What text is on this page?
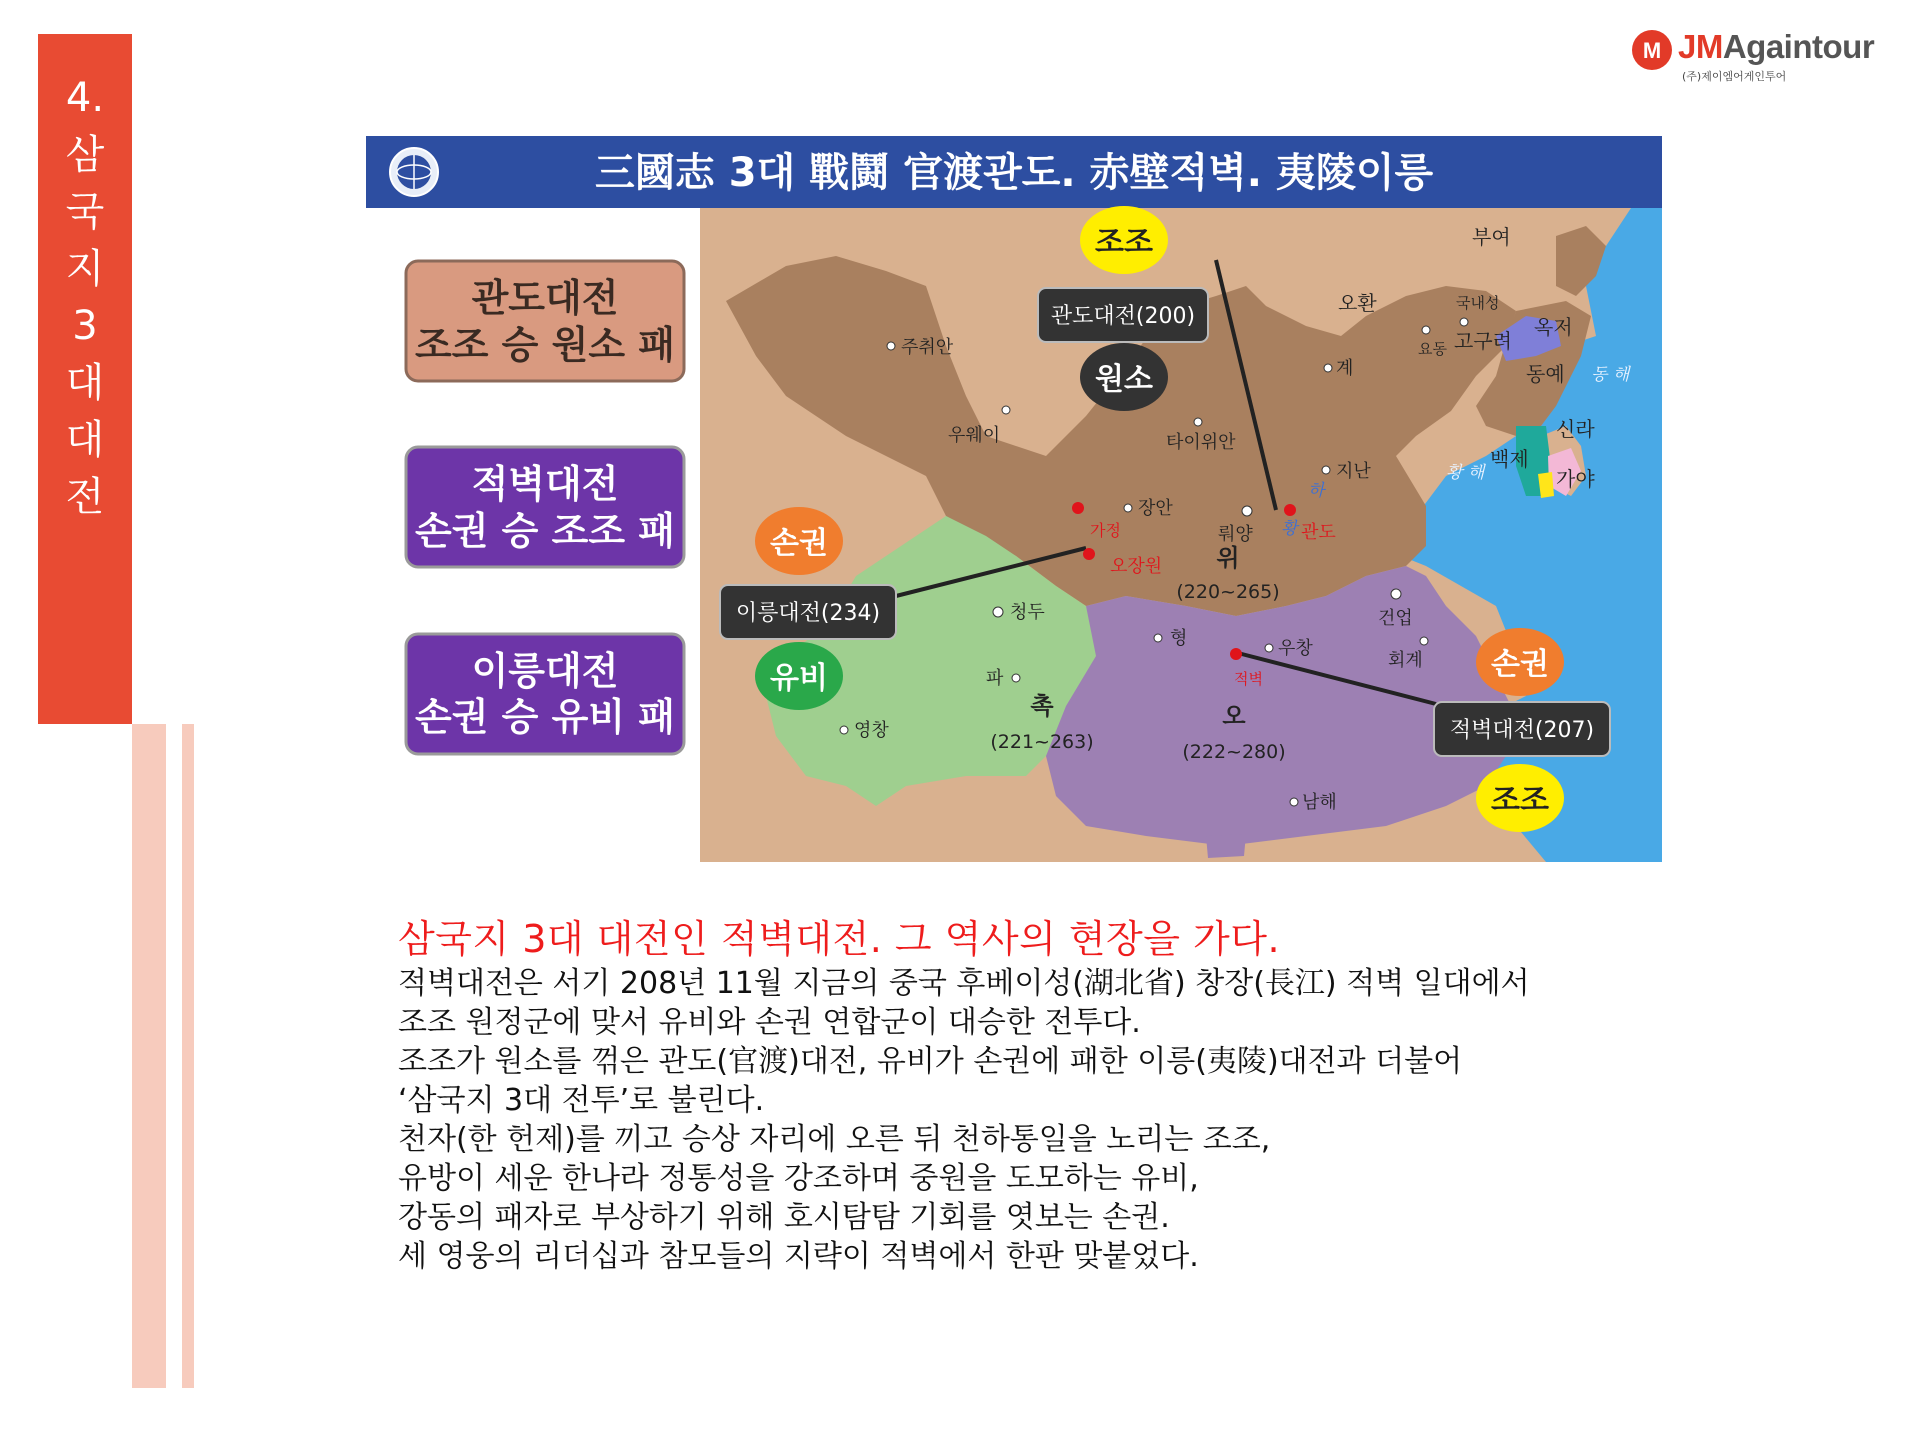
4.
삼
국
지
3
대
대
전
M JMAgaintour
(주)제이엠어게인투어
三國志 3대 戰鬪 官渡관도. 赤壁적벽. 夷陵이릉
관도대전
조조 승 원소 패
적벽대전
손권 승 조조 패
이릉대전
손권 승 유비 패
조조
원소
손권
유비	손권
조조
관도대전(200)
이릉대전(234)
적벽대전(207)
위
(220~265)
촉
(221~263)
오
(222~280)
주취안
우웨이	타이위안
지난
장안
뤄양	관도
가정
오장원
청두
파
영창
형	우창
적벽
건업
회계
남해
계
요동
오환
부여
국내성
고구려
옥저
동예
신라
백제
가야
황 해
동 해
하
황
삼국지 3대 대전인 적벽대전. 그 역사의 현장을 가다.
적벽대전은 서기 208년 11월 지금의 중국 후베이성(湖北省) 창장(長江) 적벽 일대에서
조조 원정군에 맞서 유비와 손권 연합군이 대승한 전투다.
조조가 원소를 꺾은 관도(官渡)대전, 유비가 손권에 패한 이릉(夷陵)대전과 더불어
‘삼국지 3대 전투’로 불린다.
천자(한 헌제)를 끼고 승상 자리에 오른 뒤 천하통일을 노리는 조조,
유방이 세운 한나라 정통성을 강조하며 중원을 도모하는 유비,
강동의 패자로 부상하기 위해 호시탐탐 기회를 엿보는 손권.
세 영웅의 리더십과 참모들의 지략이 적벽에서 한판 맞붙었다.
